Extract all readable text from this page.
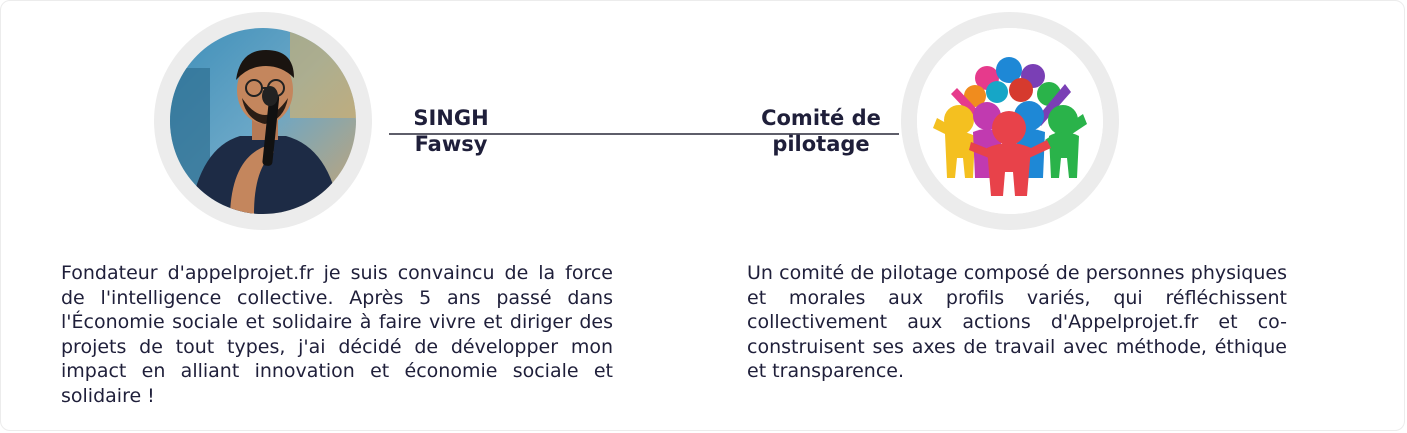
SINGH
Fawsy
Comité de
pilotage
Fondateur d'appelprojet.fr je suis convaincu de la force de l'intelligence collective. Après 5 ans passé dans l'Économie sociale et solidaire à faire vivre et diriger des projets de tout types, j'ai décidé de développer mon impact en alliant innovation et économie sociale et solidaire !
Un comité de pilotage composé de personnes physiques et morales aux profils variés, qui réfléchissent collectivement aux actions d'Appelprojet.fr et co-construisent ses axes de travail avec méthode, éthique et transparence.
